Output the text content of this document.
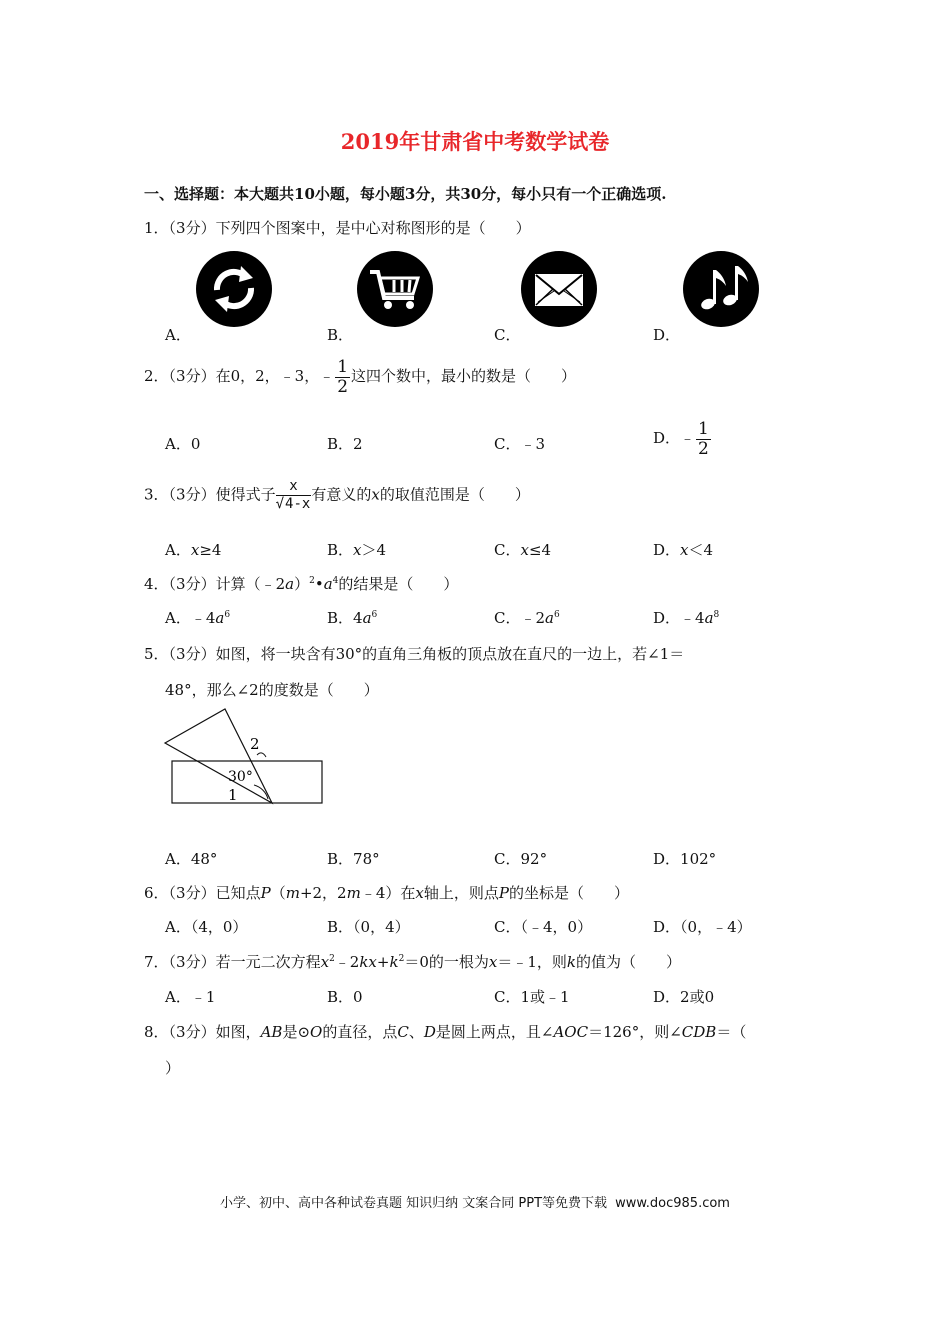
2019年甘肃省中考数学试卷
一、选择题：本大题共10小题，每小题3分，共30分，每小只有一个正确选项.
1．（3分）下列四个图案中，是中心对称图形的是（　　）
A．	B．	C．	D．
2．（3分）在0，2，﹣3，﹣ $\frac{1}{2}$ 这四个数中，最小的数是（　　）
A．0	B．2	C．﹣3	D．﹣ $\frac{1}{2}$
3．（3分）使得式子 $\frac{x}{√4-x}$ 有意义的x的取值范围是（　　）
A．x≥4	B．x＞4	C．x≤4	D．x＜4
4．（3分）计算$(﹣2a)^2•a^4$的结果是（　　）
A．$﹣4a^6$	B．$4a^6$	C．$﹣2a^6$	D．$﹣4a^8$
5．（3分）如图，将一块含有30°的直角三角板的顶点放在直尺的一边上，若∠1＝
48°，那么∠2的度数是（　　）
2
30°
1
A．48°	B．78°	C．92°	D．102°
6．（3分）已知点P（m+2，2m﹣4）在x轴上，则点P的坐标是（　　）
A．（4，0）	B．（0，4）	C．（﹣4，0）	D．（0，﹣4）
7．（3分）若一元二次方程$x^2﹣2kx+k^2=0$的一根为x＝﹣1，则k的值为（　　）
A．﹣1	B．0	C．1或﹣1	D．2或0
8．（3分）如图，AB是⊙O的直径，点C、D是圆上两点，且∠AOC＝126°，则∠CDB＝（
）
小学、初中、高中各种试卷真题 知识归纳 文案合同 PPT等免费下载 www.doc985.com
